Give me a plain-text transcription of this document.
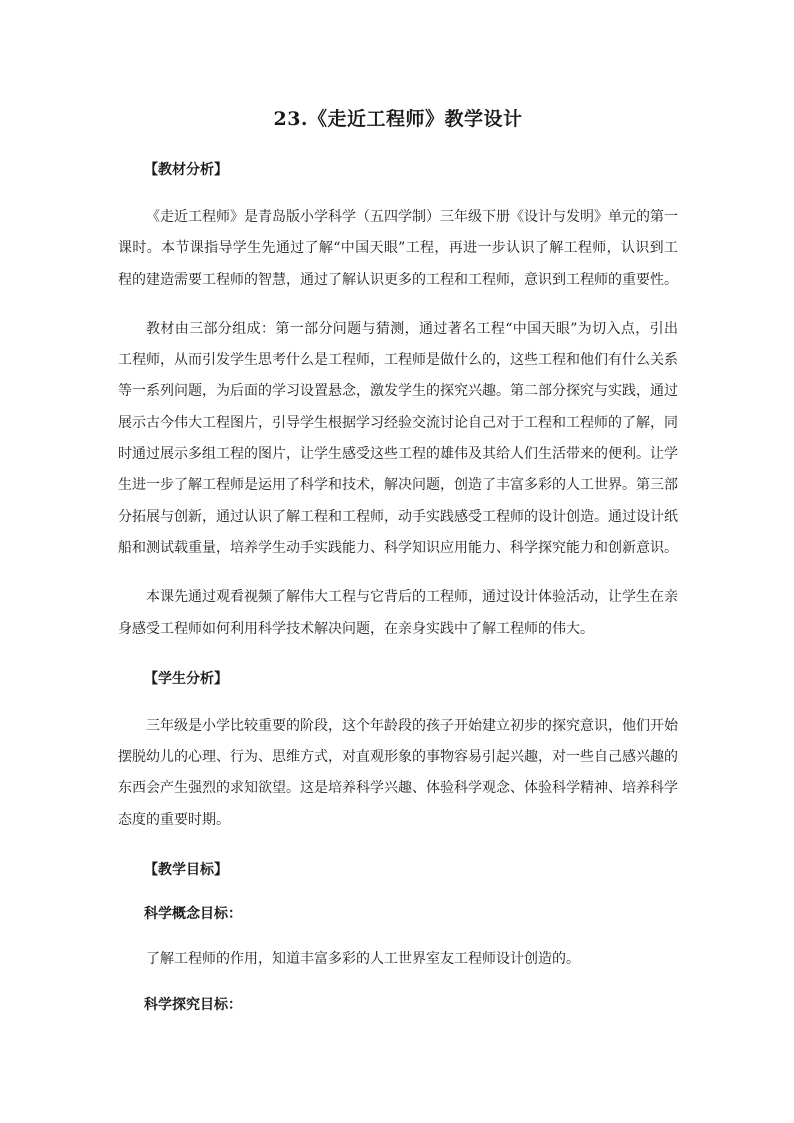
23.《走近工程师》教学设计

【教材分析】

《走近工程师》是青岛版小学科学（五四学制）三年级下册《设计与发明》单元的第一课时。本节课指导学生先通过了解“中国天眼”工程，再进一步认识了解工程师，认识到工程的建造需要工程师的智慧，通过了解认识更多的工程和工程师，意识到工程师的重要性。

教材由三部分组成：第一部分问题与猜测，通过著名工程“中国天眼”为切入点，引出工程师，从而引发学生思考什么是工程师，工程师是做什么的，这些工程和他们有什么关系等一系列问题，为后面的学习设置悬念，激发学生的探究兴趣。第二部分探究与实践，通过展示古今伟大工程图片，引导学生根据学习经验交流讨论自己对于工程和工程师的了解，同时通过展示多组工程的图片，让学生感受这些工程的雄伟及其给人们生活带来的便利。让学生进一步了解工程师是运用了科学和技术，解决问题，创造了丰富多彩的人工世界。第三部分拓展与创新，通过认识了解工程和工程师，动手实践感受工程师的设计创造。通过设计纸船和测试载重量，培养学生动手实践能力、科学知识应用能力、科学探究能力和创新意识。

本课先通过观看视频了解伟大工程与它背后的工程师，通过设计体验活动，让学生在亲身感受工程师如何利用科学技术解决问题，在亲身实践中了解工程师的伟大。

【学生分析】

三年级是小学比较重要的阶段，这个年龄段的孩子开始建立初步的探究意识，他们开始摆脱幼儿的心理、行为、思维方式，对直观形象的事物容易引起兴趣，对一些自己感兴趣的东西会产生强烈的求知欲望。这是培养科学兴趣、体验科学观念、体验科学精神、培养科学态度的重要时期。

【教学目标】

科学概念目标：

了解工程师的作用，知道丰富多彩的人工世界室友工程师设计创造的。

科学探究目标：
